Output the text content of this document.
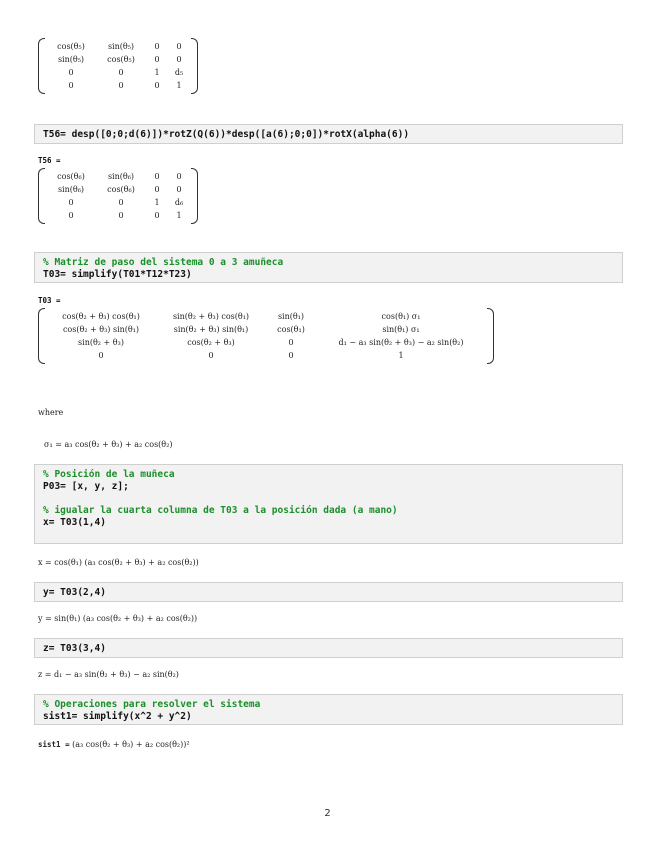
cos(θ₅)	sin(θ₅)	0	0
sin(θ₅)	cos(θ₅)	0	0
0	0	1	d₅
0	0	0	1
T56= desp([0;0;d(6)])*rotZ(Q(6))*desp([a(6);0;0])*rotX(alpha(6))
T56 =
cos(θ₆)	sin(θ₆)	0	0
sin(θ₆)	cos(θ₆)	0	0
0	0	1	d₆
0	0	0	1
% Matriz de paso del sistema 0 a 3 amuñeca
T03= simplify(T01*T12*T23)
T03 =
cos(θ₂ + θ₃) cos(θ₁)	sin(θ₂ + θ₃) cos(θ₁)	sin(θ₁)	cos(θ₁) σ₁
cos(θ₂ + θ₃) sin(θ₁)	sin(θ₂ + θ₃) sin(θ₁)	cos(θ₁)	sin(θ₁) σ₁
sin(θ₂ + θ₃)	cos(θ₂ + θ₃)	0	d₁ − a₃ sin(θ₂ + θ₃) − a₂ sin(θ₂)
0	0	0	1
where
σ₁ = a₃ cos(θ₂ + θ₃) + a₂ cos(θ₂)
% Posición de la muñeca
P03= [x, y, z];

% igualar la cuarta columna de T03 a la posición dada (a mano)
x= T03(1,4)
x = cos(θ₁) (a₃ cos(θ₂ + θ₃) + a₂ cos(θ₂))
y= T03(2,4)
y = sin(θ₁) (a₃ cos(θ₂ + θ₃) + a₂ cos(θ₂))
z= T03(3,4)
z = d₁ − a₃ sin(θ₂ + θ₃) − a₂ sin(θ₂)
% Operaciones para resolver el sistema
sist1= simplify(x^2 + y^2)
sist1 = (a₃ cos(θ₂ + θ₃) + a₂ cos(θ₂))²
2
